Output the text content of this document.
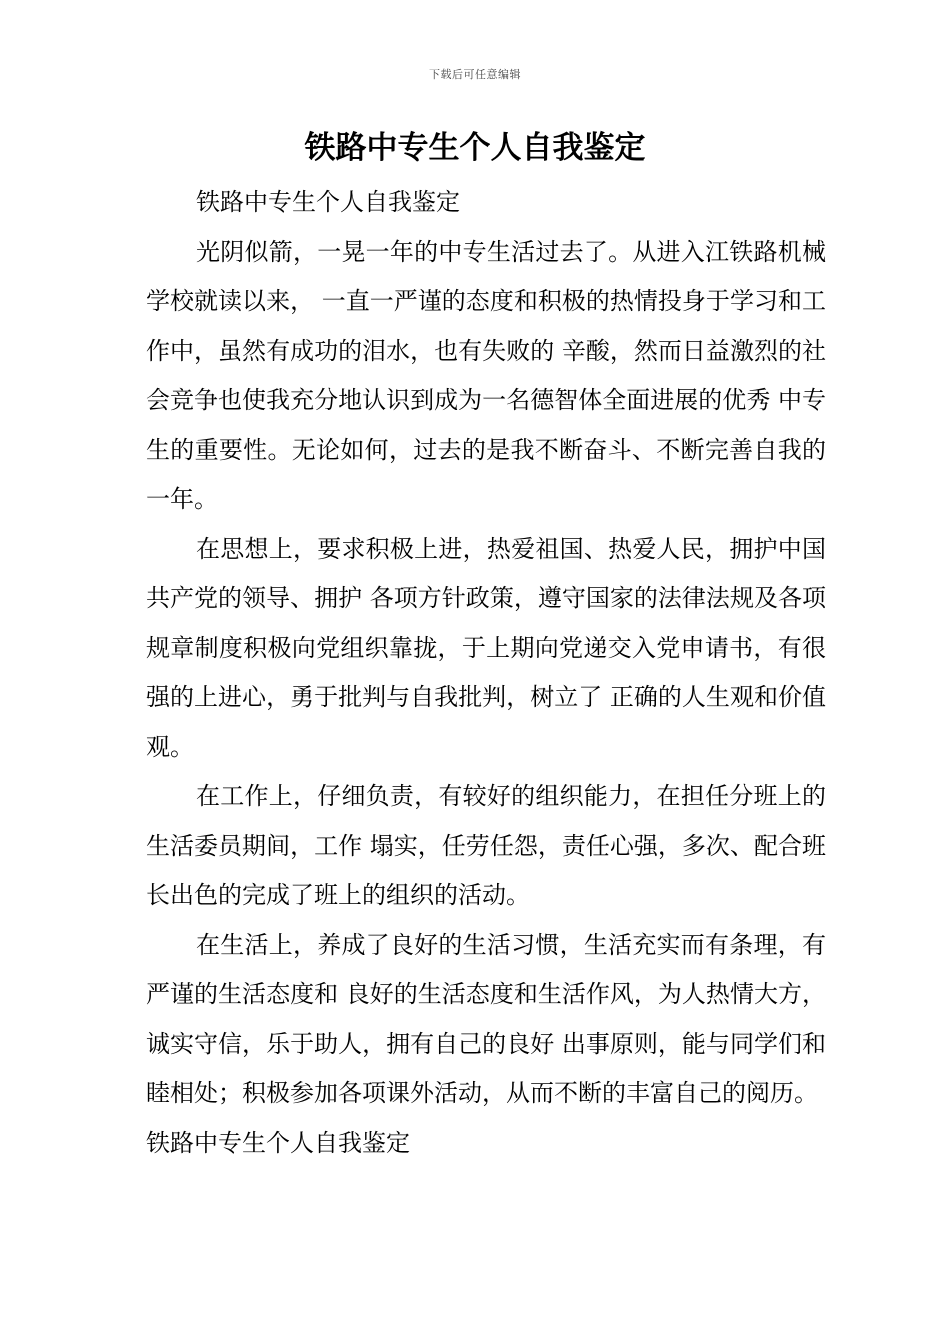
下载后可任意编辑
铁路中专生个人自我鉴定

铁路中专生个人自我鉴定

光阴似箭，一晃一年的中专生活过去了。从进入江铁路机械学校就读以来， 一直一严谨的态度和积极的热情投身于学习和工作中，虽然有成功的泪水，也有失败的 辛酸，然而日益激烈的社会竞争也使我充分地认识到成为一名德智体全面进展的优秀 中专生的重要性。无论如何，过去的是我不断奋斗、不断完善自我的一年。

在思想上，要求积极上进，热爱祖国、热爱人民，拥护中国共产党的领导、拥护 各项方针政策，遵守国家的法律法规及各项规章制度积极向党组织靠拢，于上期向党递交入党申请书，有很强的上进心，勇于批判与自我批判，树立了 正确的人生观和价值观。

在工作上，仔细负责，有较好的组织能力，在担任分班上的生活委员期间，工作 塌实，任劳任怨，责任心强，多次、配合班长出色的完成了班上的组织的活动。

在生活上，养成了良好的生活习惯，生活充实而有条理，有严谨的生活态度和 良好的生活态度和生活作风，为人热情大方，诚实守信，乐于助人，拥有自己的良好 出事原则，能与同学们和睦相处；积极参加各项课外活动，从而不断的丰富自己的阅历。

铁路中专生个人自我鉴定
